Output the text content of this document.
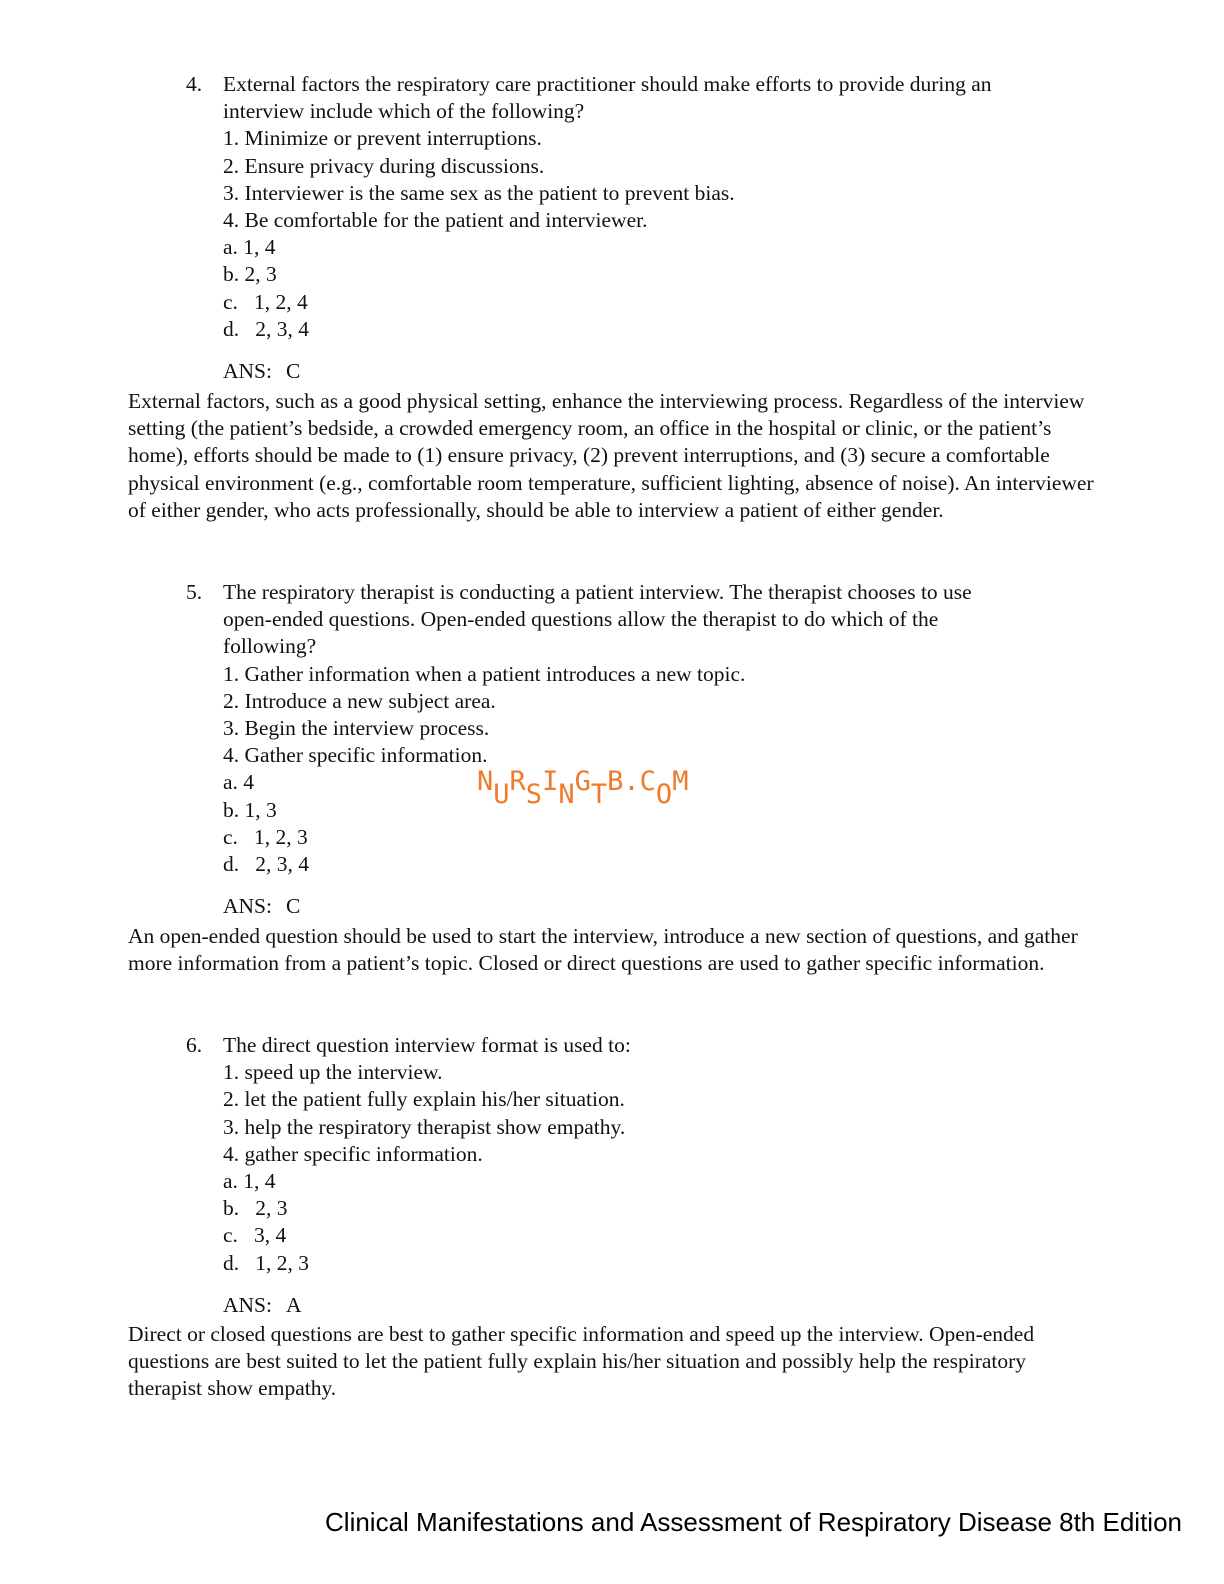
4. External factors the respiratory care practitioner should make efforts to provide during an
interview include which of the following?
1. Minimize or prevent interruptions.
2. Ensure privacy during discussions.
3. Interviewer is the same sex as the patient to prevent bias.
4. Be comfortable for the patient and interviewer.
a. 1, 4
b. 2, 3
c.   1, 2, 4
d.   2, 3, 4
ANS: C
External factors, such as a good physical setting, enhance the interviewing process. Regardless of the interview setting (the patient’s bedside, a crowded emergency room, an office in the hospital or clinic, or the patient’s home), efforts should be made to (1) ensure privacy, (2) prevent interruptions, and (3) secure a comfortable physical environment (e.g., comfortable room temperature, sufficient lighting, absence of noise). An interviewer of either gender, who acts professionally, should be able to interview a patient of either gender.
5. The respiratory therapist is conducting a patient interview. The therapist chooses to use
open-ended questions. Open-ended questions allow the therapist to do which of the
following?
1. Gather information when a patient introduces a new topic.
2. Introduce a new subject area.
3. Begin the interview process.
4. Gather specific information.
a. 4
b. 1, 3
c.   1, 2, 3
d.   2, 3, 4
ANS: C
An open-ended question should be used to start the interview, introduce a new section of questions, and gather more information from a patient’s topic. Closed or direct questions are used to gather specific information.
6. The direct question interview format is used to:
1. speed up the interview.
2. let the patient fully explain his/her situation.
3. help the respiratory therapist show empathy.
4. gather specific information.
a. 1, 4
b.   2, 3
c.   3, 4
d.   1, 2, 3
ANS: A
Direct or closed questions are best to gather specific information and speed up the interview. Open-ended questions are best suited to let the patient fully explain his/her situation and possibly help the respiratory therapist show empathy.
NURSINGTB.COM
Clinical Manifestations and Assessment of Respiratory Disease 8th Edition
